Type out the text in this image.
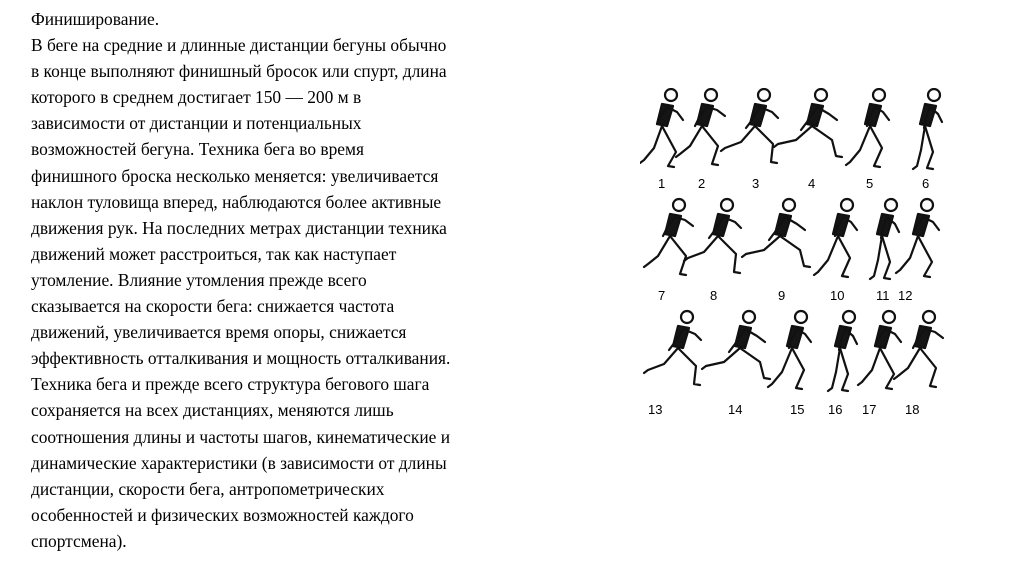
Финиширование.
В беге на средние и длинные дистанции бегуны обычно
в конце выполняют финишный бросок или спурт, длина
которого в среднем достигает 150 — 200 м в
зависимости от дистанции и потенциальных
возможностей бегуна. Техника бега во время
финишного броска несколько меняется: увеличивается
наклон туловища вперед, наблюдаются более активные
движения рук. На последних метрах дистанции техника
движений может расстроиться, так как наступает
утомление. Влияние утомления прежде всего
сказывается на скорости бега: снижается частота
движений, увеличивается время опоры, снижается
эффективность отталкивания и мощность отталкивания.
Техника бега и прежде всего структура бегового шага
сохраняется на всех дистанциях, меняются лишь
соотношения длины и частоты шагов, кинематические и
динамические характеристики (в зависимости от длины
дистанции, скорости бега, антропометрических
особенностей и физических возможностей каждого
спортсмена).
1	2	3	4	5	6
7	8	9	10 11 12
13	14	15 16 17 18
